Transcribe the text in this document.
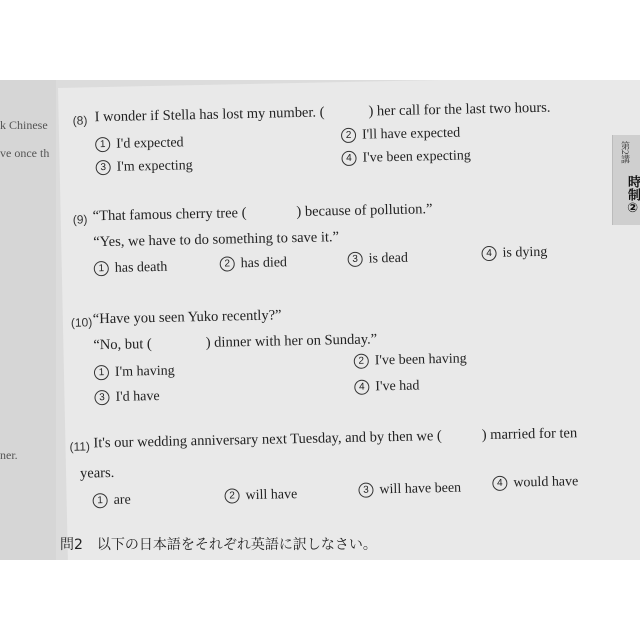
k Chinese
ve once th
ner.
(8) I wonder if Stella has lost my number. (	) her call for the last two hours.
1 I'd expected	2 I'll have expected
3 I'm expecting	4 I've been expecting
(9) “That famous cherry tree (	) because of pollution.”
“Yes, we have to do something to save it.”
1 has death	2 has died	3 is dead	4 is dying
(10) “Have you seen Yuko recently?”
“No, but (	) dinner with her on Sunday.”
1 I'm having
2 I've been having
3 I'd have
4 I've had
(11) It's our wedding anniversary next Tuesday, and by then we (	) married for ten
years.
1 are	2 will have	3 will have been	4 would have
第2講
時制②
問2　以下の日本語をそれぞれ英語に訳しなさい。
